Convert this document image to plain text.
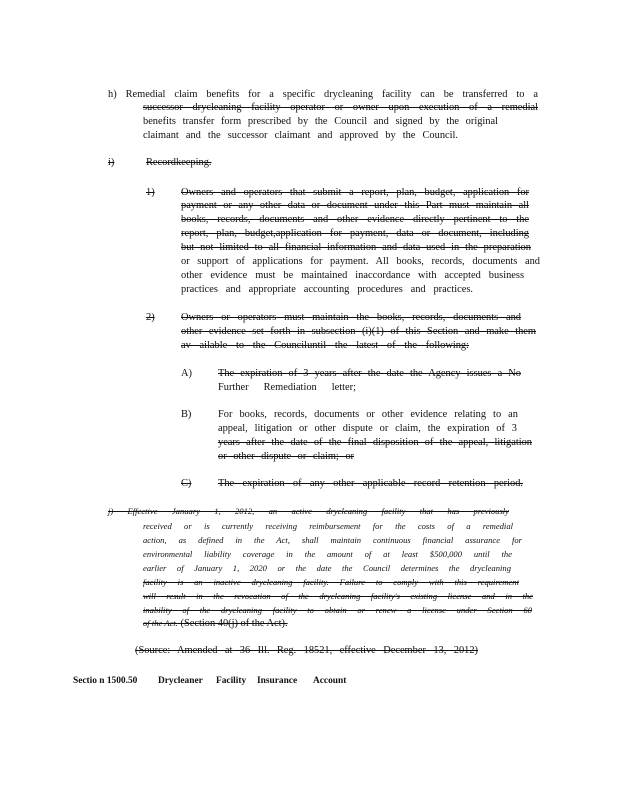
h) Remedial claim benefits for a specific drycleaning facility can be transferred to a
successor drycleaning facility operator or owner upon execution of a remedial
benefits transfer form prescribed by the Council and signed by the original
claimant and the successor claimant and approved by the Council.
i)	Recordkeeping.
1)	Owners and operators that submit a report, plan, budget, application for
payment or any other data or document under this Part must maintain all
books, records, documents and other evidence directly pertinent to the
report, plan, budget,application for payment, data or document, including
but not limited to all financial information and data used in the preparation
or support of applications for payment. All books, records, documents and
other evidence must be maintained inaccordance with accepted business
practices and appropriate accounting procedures and practices.
2)	Owners or operators must maintain the books, records, documents and
other evidence set forth in subsection (i)(1) of this Section and make them
av ailable to the Counciluntil the latest of the following:
A)	The expiration of 3 years after the date the Agency issues a No
Further Remediation letter;
B)	For books, records, documents or other evidence relating to an
appeal, litigation or other dispute or claim, the expiration of 3
years after the date of the final disposition of the appeal, litigation
or other dispute or claim; or
C)	The expiration of any other applicable record retention period.
j) Effective January 1, 2012, an active drycleaning facility that has previously
received or is currently receiving reimbursement for the costs of a remedial
action, as defined in the Act, shall maintain continuous financial assurance for
environmental liability coverage in the amount of at least $500,000 until the
earlier of January 1, 2020 or the date the Council determines the drycleaning
facility is an inactive drycleaning facility. Failure to comply with this requirement
will result in the revocation of the drycleaning facility's existing license and in the
inability of the drycleaning facility to obtain or renew a license under Section 60
of the Act. (Section 40(j) of the Act).
(Source: Amended at 36 Ill. Reg. 18521, effective December 13, 2012)
Sectio n 1500.50 Drycleaner Facility Insurance Account
